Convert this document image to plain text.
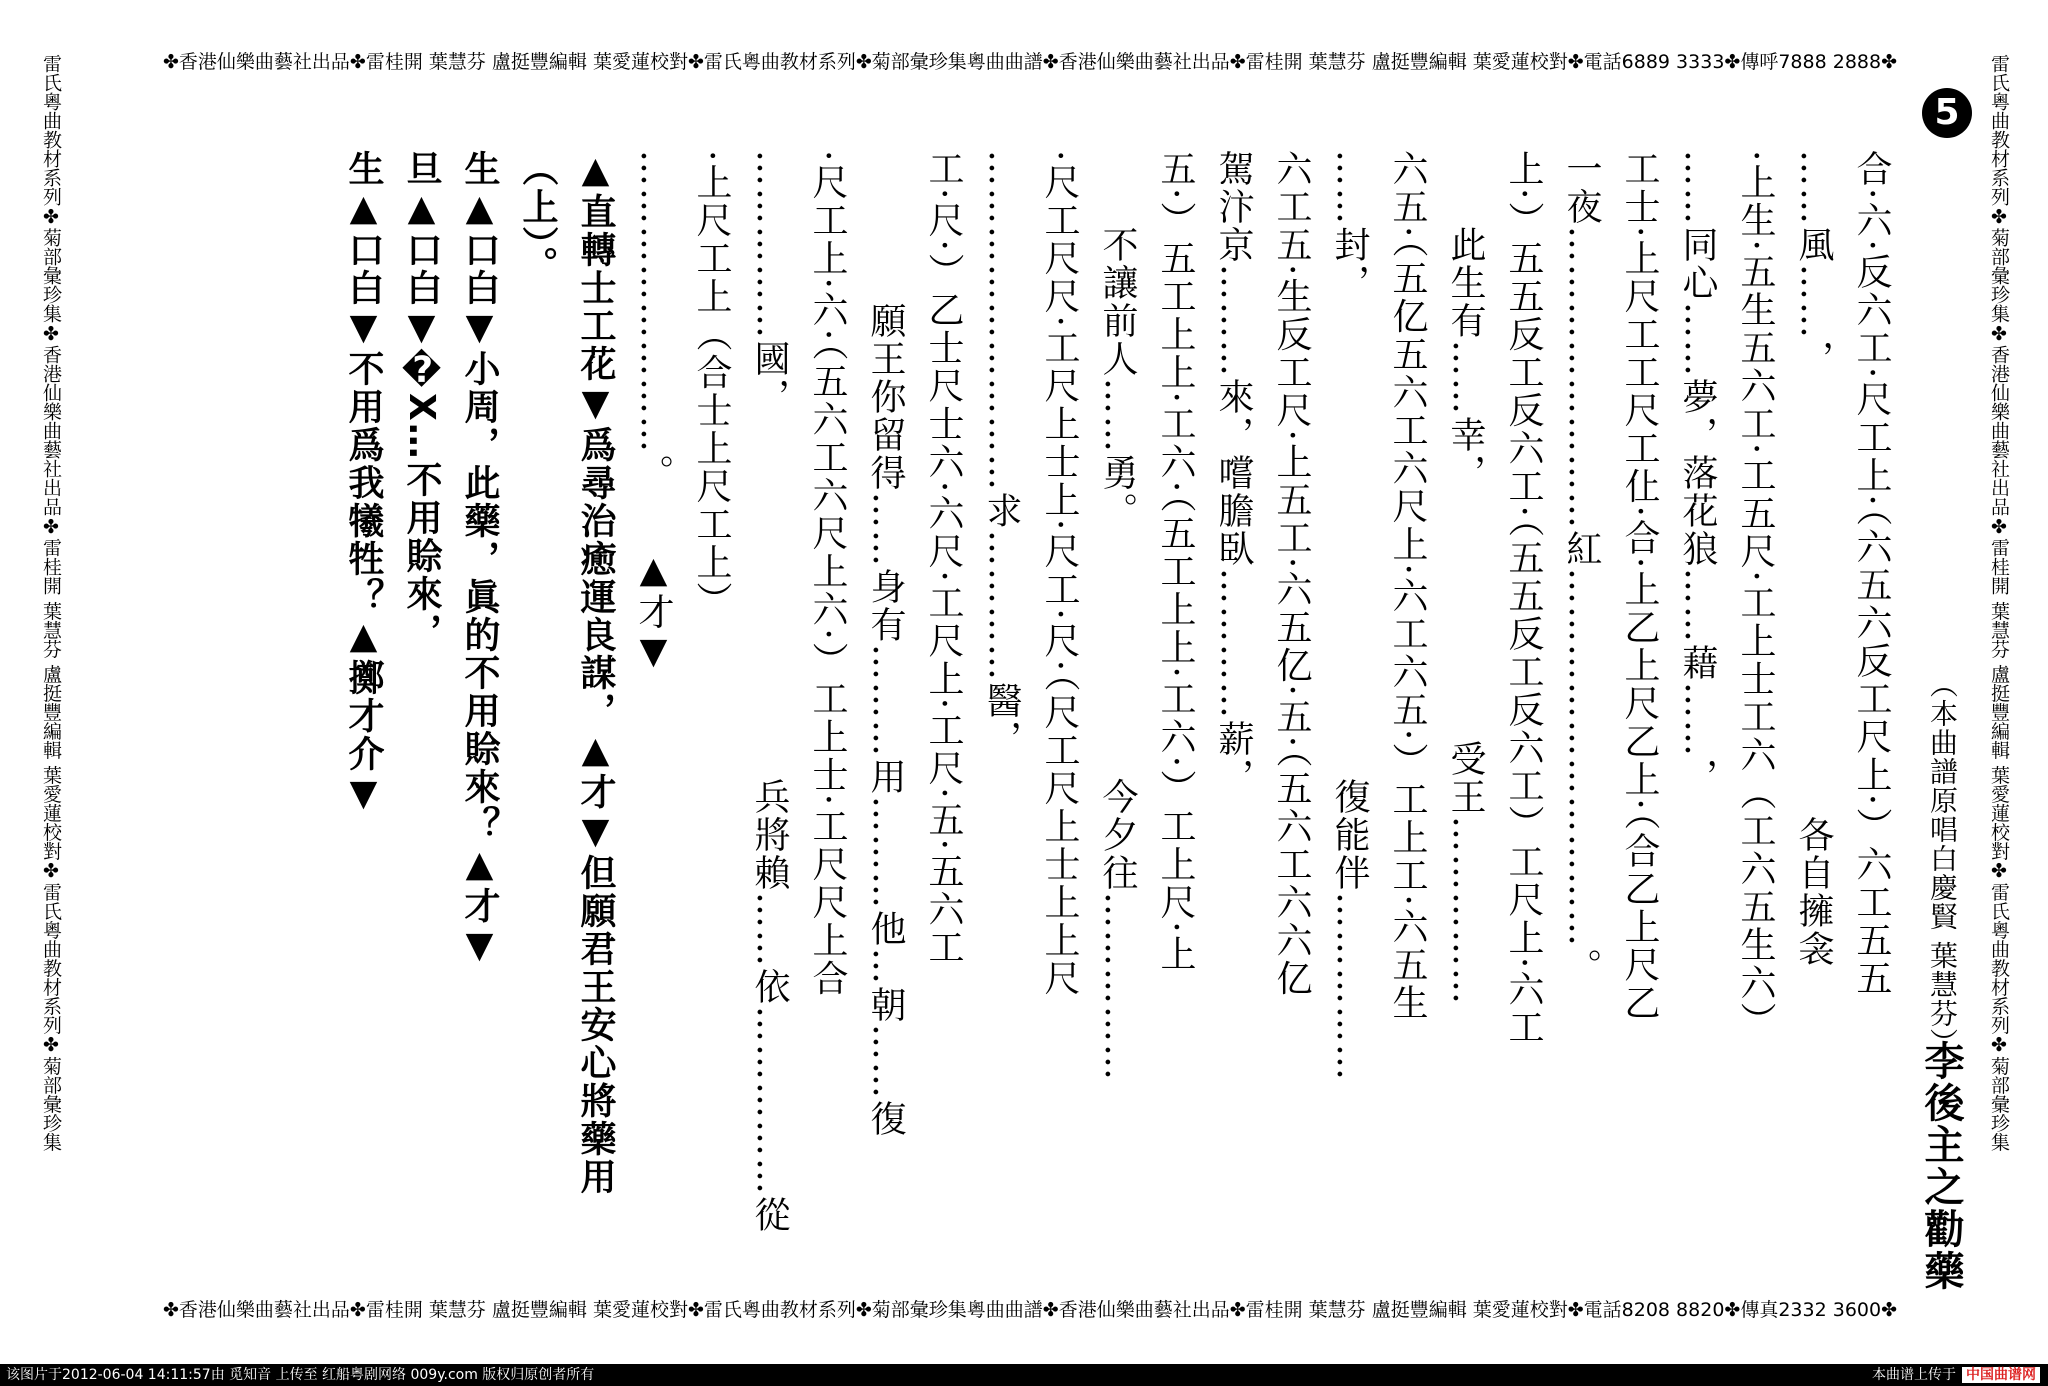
✤香港仙樂曲藝社出品✤雷桂開 葉慧芬 盧挺豐編輯 葉愛蓮校對✤雷氏粵曲教材系列✤菊部彙珍集粵曲曲譜✤香港仙樂曲藝社出品✤雷桂開 葉慧芬 盧挺豐編輯 葉愛蓮校對✤電話6889 3333✤傳呼7888 2888✤
✤香港仙樂曲藝社出品✤雷桂開 葉慧芬 盧挺豐編輯 葉愛蓮校對✤雷氏粵曲教材系列✤菊部彙珍集粵曲曲譜✤香港仙樂曲藝社出品✤雷桂開 葉慧芬 盧挺豐編輯 葉愛蓮校對✤電話8208 8820✤傳真2332 3600✤
雷氏粵曲教材系列✤菊部彙珍集✤香港仙樂曲藝社出品✤雷桂開 葉慧芬 盧挺豐編輯 葉愛蓮校對✤雷氏粵曲教材系列✤菊部彙珍集	雷氏粵曲教材系列✤菊部彙珍集✤香港仙樂曲藝社出品✤雷桂開 葉慧芬 盧挺豐編輯 葉愛蓮校對✤雷氏粵曲教材系列✤菊部彙珍集
5
李後主之勸藥
（本曲譜原唱白慶賢 葉慧芬）
合·六·反六工·尺工上·（六五六反工尺上·）六工五五
……風……，　　　　　　　　　　　　各自擁衾
·上生·五生五六工·工五尺·工上士工六（工六五生六）
……同心……夢，落花狼……藉……，
工士·上尺工工尺工仩·合·上乙上尺乙上·（合乙上尺乙
一夜……………………紅…………………………。
上·）五五反工反六工·（五五反工反六工）工尺上·六工
　　此生有……幸，　　　　　　　受王……………
六五·（五亿五六工六尺上·六工六五·）工上工·六五生
……封，　　　　　　　　　　　　　復能伴……………
六工五·生反工尺·上五工·六五亿·五·（五六工六六亿
駕汴京………來，嚐膽臥…………薪，
五·）五工上上·工六·（五工上上·工六·）工上尺·上
　　不讓前人……勇。　　　　　　　今夕往……………
·尺工尺尺·工尺上士上·尺工·尺·（尺工尺上士上上尺
………………………求…………醫，
工·尺·）乙士尺士六·六尺·工尺上·工尺·五·五六工
　　　　願王你留得……身有………用………他…朝……復
·尺工上·六·（五六工六尺上六·）工上士·工尺尺上合
……………國，　　　　　　　　　　兵將賴……依……………從
·上尺工上（合士上尺工上）
……………………。　　▲才▼
▲直轉士工花▼爲尋治癒運良謀，▲才▼但願君王安心將藥用
（上）。
生▲口白▼小周，此藥，眞的不用賒來？▲才▼
旦▲口白▼�X…不用賒來，
生▲口白▼不用爲我犧牲？▲擲才介▼
该图片于2012-06-04 14:11:57由 觅知音 上传至 红船粤剧网络 009y.com 版权归原创者所有	本曲谱上传于 中国曲谱网
